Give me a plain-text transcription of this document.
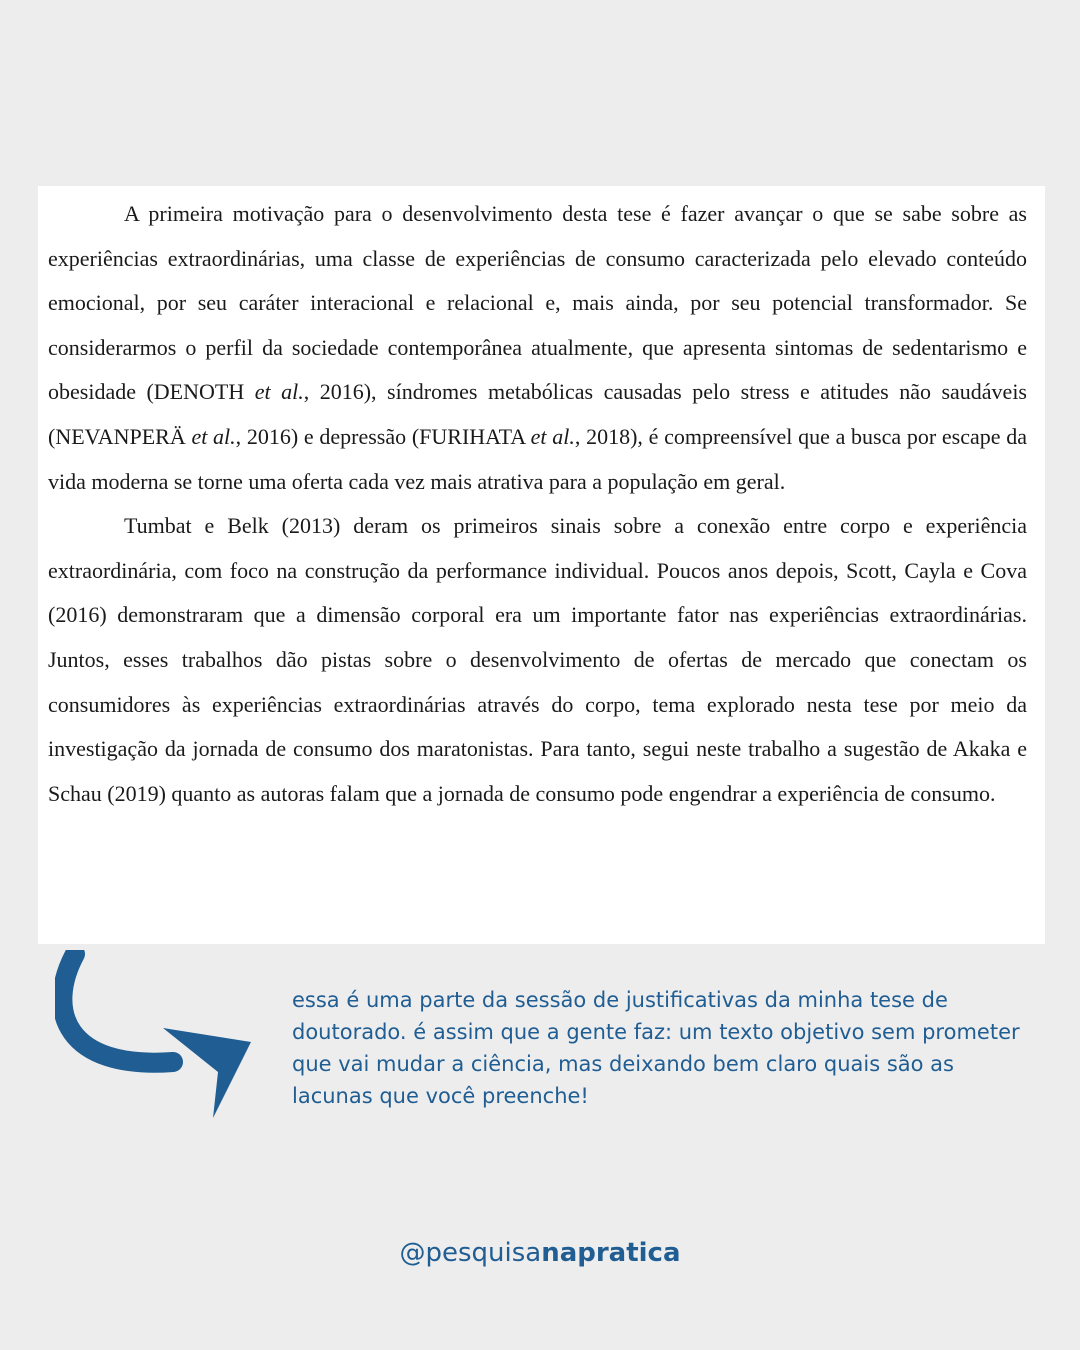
A primeira motivação para o desenvolvimento desta tese é fazer avançar o que se sabe sobre as experiências extraordinárias, uma classe de experiências de consumo caracterizada pelo elevado conteúdo emocional, por seu caráter interacional e relacional e, mais ainda, por seu potencial transformador. Se considerarmos o perfil da sociedade contemporânea atualmente, que apresenta sintomas de sedentarismo e obesidade (DENOTH et al., 2016), síndromes metabólicas causadas pelo stress e atitudes não saudáveis (NEVANPERÄ et al., 2016) e depressão (FURIHATA et al., 2018), é compreensível que a busca por escape da vida moderna se torne uma oferta cada vez mais atrativa para a população em geral.

Tumbat e Belk (2013) deram os primeiros sinais sobre a conexão entre corpo e experiência extraordinária, com foco na construção da performance individual. Poucos anos depois, Scott, Cayla e Cova (2016) demonstraram que a dimensão corporal era um importante fator nas experiências extraordinárias. Juntos, esses trabalhos dão pistas sobre o desenvolvimento de ofertas de mercado que conectam os consumidores às experiências extraordinárias através do corpo, tema explorado nesta tese por meio da investigação da jornada de consumo dos maratonistas. Para tanto, segui neste trabalho a sugestão de Akaka e Schau (2019) quanto as autoras falam que a jornada de consumo pode engendrar a experiência de consumo.

essa é uma parte da sessão de justificativas da minha tese de doutorado. é assim que a gente faz: um texto objetivo sem prometer que vai mudar a ciência, mas deixando bem claro quais são as lacunas que você preenche!

@pesquisanapratica
